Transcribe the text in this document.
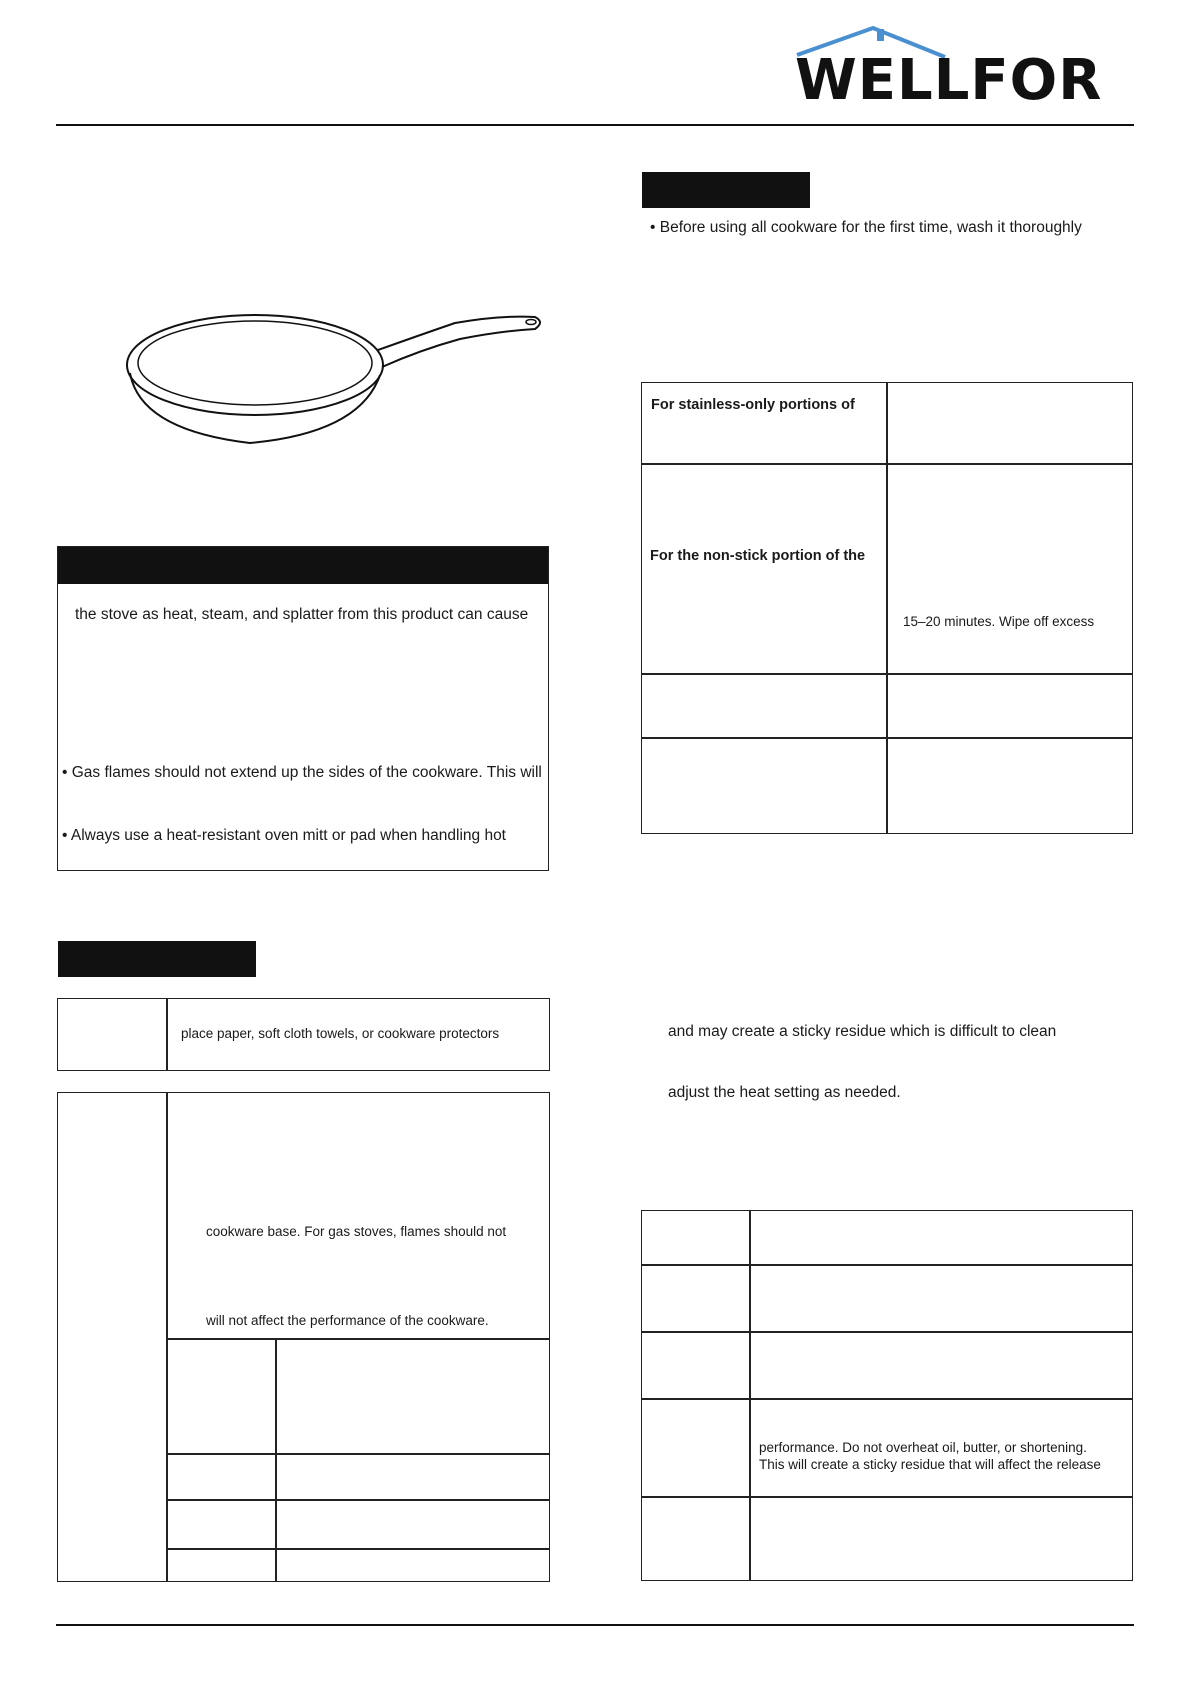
WELLFOR
the stove as heat, steam, and splatter from this product can cause
• Gas flames should not extend up the sides of the cookware. This will
• Always use a heat-resistant oven mitt or pad when handling hot
place paper, soft cloth towels, or cookware protectors
cookware base. For gas stoves, flames should not
will not affect the performance of the cookware.
• Before using all cookware for the first time, wash it thoroughly
For stainless-only portions of
For the non-stick portion of the
15–20 minutes. Wipe off excess
and may create a sticky residue which is difficult to clean
adjust the heat setting as needed.
performance. Do not overheat oil, butter, or shortening.
This will create a sticky residue that will affect the release
